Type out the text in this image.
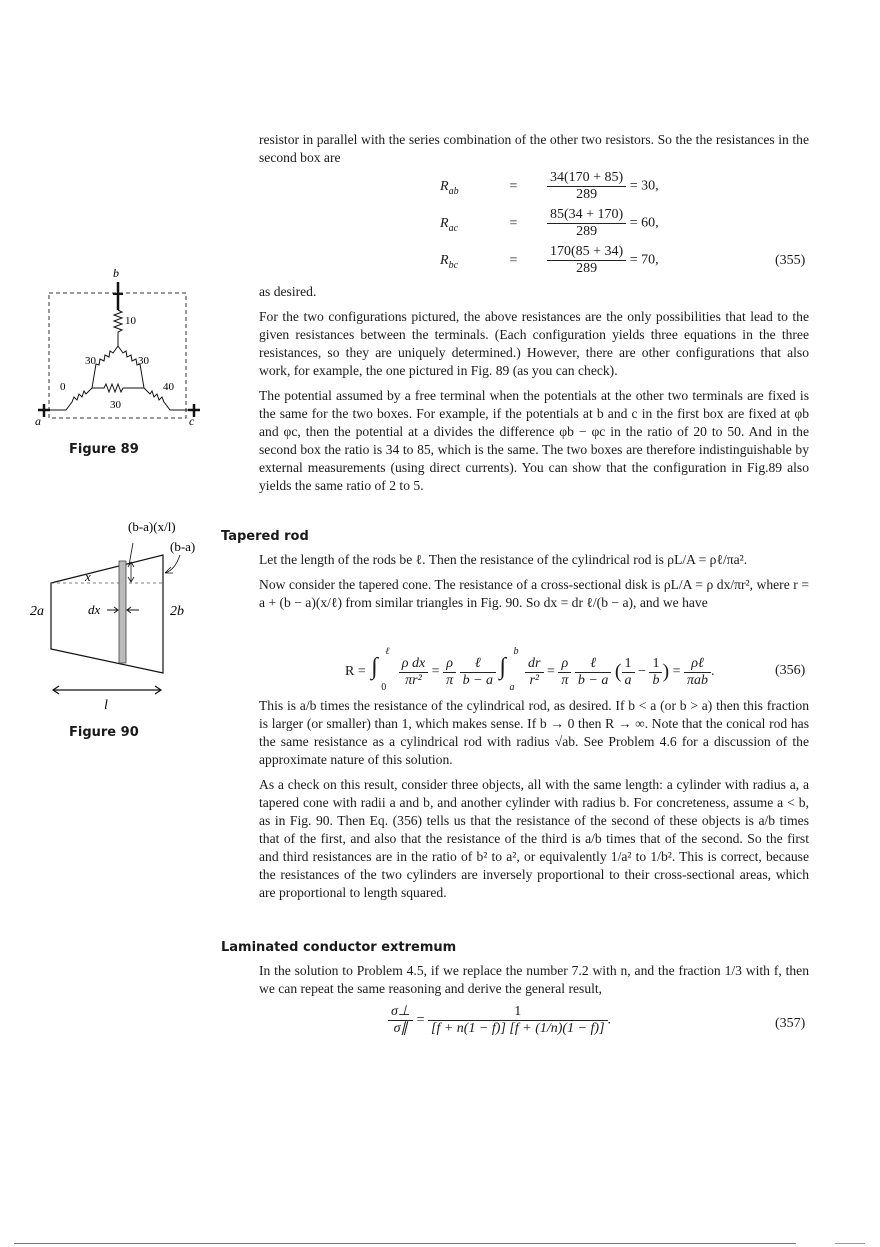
resistor in parallel with the series combination of the other two resistors. So the the resistances in the second box are

$R_{ab}$	= $\frac{34(170 + 85)}{289} = 30$,
$R_{ac}$	= $\frac{85(34 + 170)}{289} = 60$,
$R_{bc}$	= $\frac{170(85 + 34)}{289} = 70$,	(355)

as desired.

For the two configurations pictured, the above resistances are the only possibilities that lead to the given resistances between the terminals. (Each configuration yields three equations in the three resistances, so they are uniquely determined.) However, there are other configurations that also work, for example, the one pictured in Fig. 89 (as you can check).

The potential assumed by a free terminal when the potentials at the other two terminals are fixed is the same for the two boxes. For example, if the potentials at b and c in the first box are fixed at φb and φc, then the potential at a divides the difference φb − φc in the ratio of 20 to 50. And in the second box the ratio is 34 to 85, which is the same. The two boxes are therefore indistinguishable by external measurements (using direct currents). You can show that the configuration in Fig.89 also yields the same ratio of 2 to 5.

Tapered rod

Let the length of the rods be ℓ. Then the resistance of the cylindrical rod is ρL/A = ρℓ/πa².

Now consider the tapered cone. The resistance of a cross-sectional disk is ρL/A = ρ dx/πr², where r = a + (b − a)(x/ℓ) from similar triangles in Fig. 90. So dx = dr ℓ/(b − a), and we have

R = ∫
ℓ
0
$\frac{\text{ρ dx}}{\text{πr²}} = \frac{\rho}{\pi}$
$\frac{\text{ℓ}}{b - a}$
∫
b
a
$\frac{dr}{\text{r²}} = \frac{\rho}{\pi}$
$\frac{\text{ℓ}}{b - a}$ ( $\frac{1}{a} - \frac{1}{b}$ ) = $\frac{\text{ρℓ}}{\text{πab}}$ .	(356)

This is a/b times the resistance of the cylindrical rod, as desired. If b < a (or b > a) then this fraction is larger (or smaller) than 1, which makes sense. If b → 0 then R → ∞. Note that the conical rod has the same resistance as a cylindrical rod with radius √ab. See Problem 4.6 for a discussion of the approximate nature of this solution.

As a check on this result, consider three objects, all with the same length: a cylinder with radius a, a tapered cone with radii a and b, and another cylinder with radius b. For concreteness, assume a < b, as in Fig. 90. Then Eq. (356) tells us that the resistance of the second of these objects is a/b times that of the first, and also that the resistance of the third is a/b times that of the second. So the first and third resistances are in the ratio of b² to a², or equivalently 1/a² to 1/b². This is correct, because the resistances of the two cylinders are inversely proportional to their cross-sectional areas, which are proportional to length squared.

Laminated conductor extremum

In the solution to Problem 4.5, if we replace the number 7.2 with n, and the fraction 1/3 with f, then we can repeat the same reasoning and derive the general result,

$\frac{\sigma\perp}{\sigma\parallel} = \frac{1}{[f + n(1 - f)] [f + (1/n)(1 - f)]}$ .	(357)
b
10
30	30
30
0	40
a	c
Figure 89
(b-a)(x/l)
(b-a)
x
dx
2a	2b
l
Figure 90
